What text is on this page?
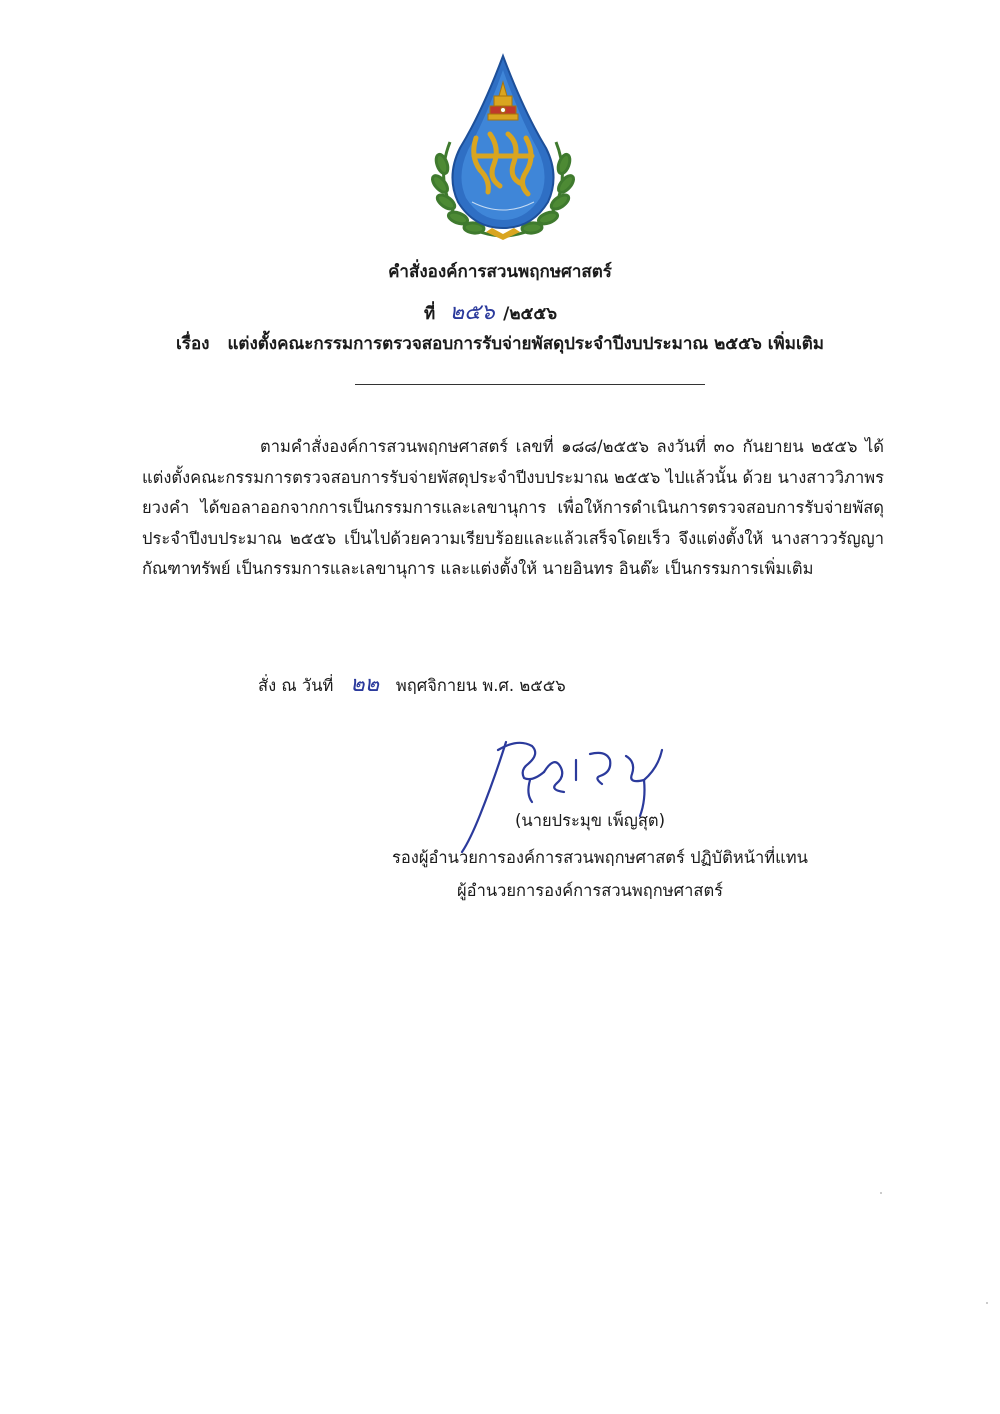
คำสั่งองค์การสวนพฤกษศาสตร์
ที่ ๒๕๖ /๒๕๕๖
เรื่อง แต่งตั้งคณะกรรมการตรวจสอบการรับจ่ายพัสดุประจำปีงบประมาณ ๒๕๕๖ เพิ่มเติม
ตามคำสั่งองค์การสวนพฤกษศาสตร์ เลขที่ ๑๘๘/๒๕๕๖ ลงวันที่ ๓๐ กันยายน ๒๕๕๖ ได้แต่งตั้งคณะกรรมการตรวจสอบการรับจ่ายพัสดุประจำปีงบประมาณ ๒๕๕๖ ไปแล้วนั้น ด้วย นางสาววิภาพร ยวงคำ ได้ขอลาออกจากการเป็นกรรมการและเลขานุการ เพื่อให้การดำเนินการตรวจสอบการรับจ่ายพัสดุประจำปีงบประมาณ ๒๕๕๖ เป็นไปด้วยความเรียบร้อยและแล้วเสร็จโดยเร็ว จึงแต่งตั้งให้ นางสาววรัญญา กัณฑาทรัพย์ เป็นกรรมการและเลขานุการ และแต่งตั้งให้ นายอินทร อินต๊ะ เป็นกรรมการเพิ่มเติม
สั่ง ณ วันที่ ๒๒ พฤศจิกายน พ.ศ. ๒๕๕๖
(นายประมุข เพ็ญสุต)
รองผู้อำนวยการองค์การสวนพฤกษศาสตร์ ปฏิบัติหน้าที่แทน
ผู้อำนวยการองค์การสวนพฤกษศาสตร์
